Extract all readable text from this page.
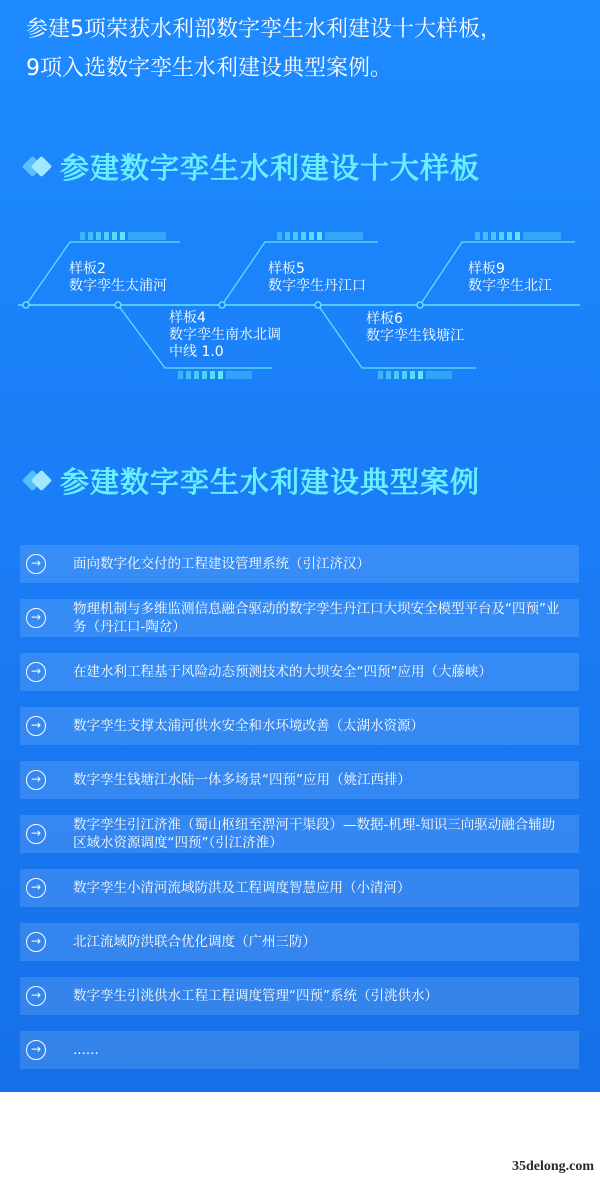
参建5项荣获水利部数字孪生水利建设十大样板，
9项入选数字孪生水利建设典型案例。
参建数字孪生水利建设十大样板
样板2
数字孪生太浦河
样板4
数字孪生南水北调
中线 1.0
样板5
数字孪生丹江口
样板6
数字孪生钱塘江
样板9
数字孪生北江
参建数字孪生水利建设典型案例
→	面向数字化交付的工程建设管理系统（引江济汉）
→	物理机制与多维监测信息融合驱动的数字孪生丹江口大坝安全模型平台及“四预”业务（丹江口-陶岔）
→	在建水利工程基于风险动态预测技术的大坝安全“四预”应用（大藤峡）
→	数字孪生支撑太浦河供水安全和水环境改善（太湖水资源）
→	数字孪生钱塘江水陆一体多场景“四预”应用（姚江西排）
→	数字孪生引江济淮（蜀山枢纽至淠河干渠段）—数据-机理-知识三向驱动融合辅助区域水资源调度“四预”（引江济淮）
→	数字孪生小清河流域防洪及工程调度智慧应用（小清河）
→	北江流域防洪联合优化调度（广州三防）
→	数字孪生引洮供水工程工程调度管理“四预”系统（引洮供水）
→	......
35delong.com
